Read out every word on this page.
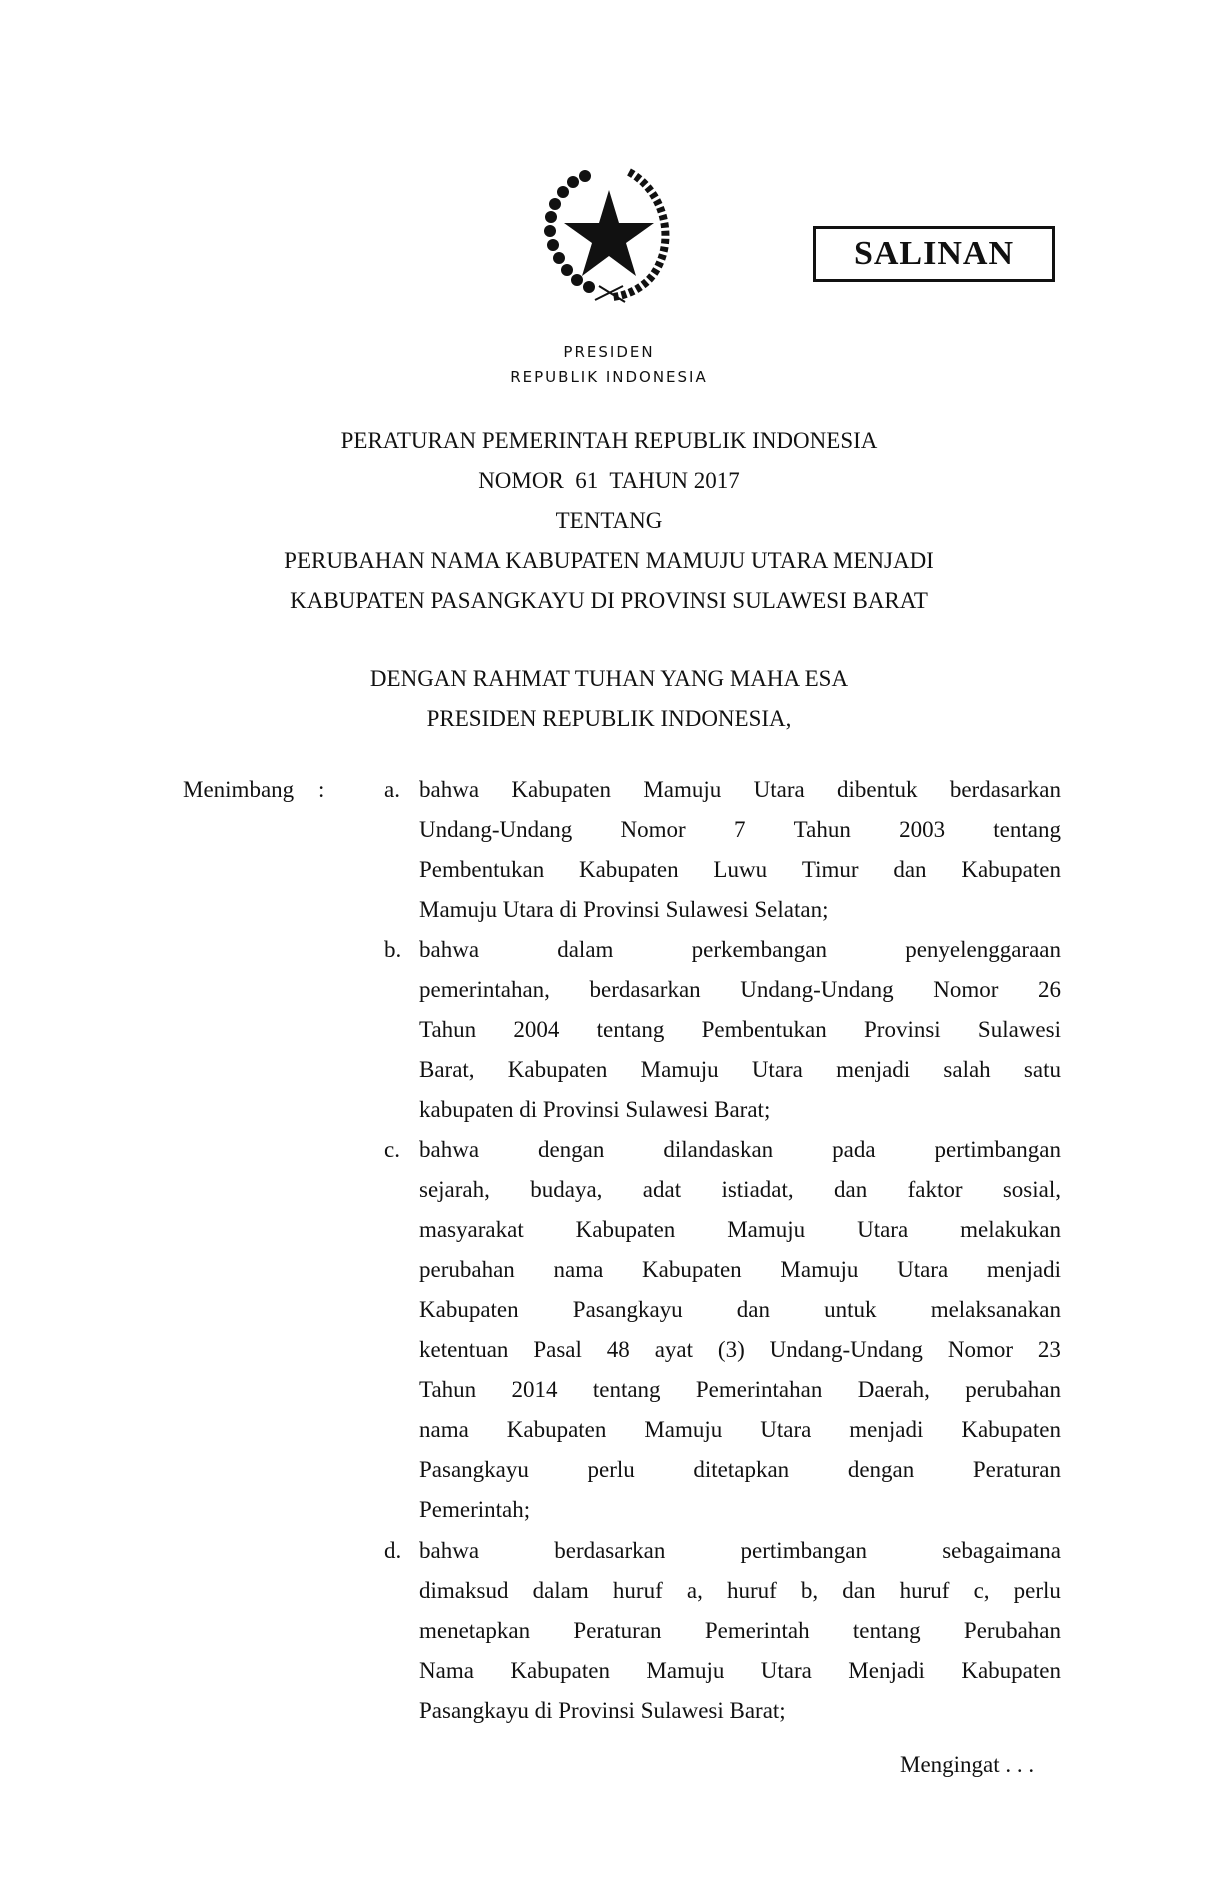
SALINAN
PRESIDEN
REPUBLIK INDONESIA
PERATURAN PEMERINTAH REPUBLIK INDONESIA
NOMOR  61  TAHUN 2017
TENTANG
PERUBAHAN NAMA KABUPATEN MAMUJU UTARA MENJADI
KABUPATEN PASANGKAYU DI PROVINSI SULAWESI BARAT
DENGAN RAHMAT TUHAN YANG MAHA ESA
PRESIDEN REPUBLIK INDONESIA,
Menimbang :	a. bahwa Kabupaten Mamuju Utara dibentuk berdasarkan
Undang-Undang Nomor 7 Tahun 2003 tentang
Pembentukan Kabupaten Luwu Timur dan Kabupaten
Mamuju Utara di Provinsi Sulawesi Selatan;
b. bahwa	dalam	perkembangan	penyelenggaraan
pemerintahan, berdasarkan Undang-Undang Nomor 26
Tahun 2004 tentang Pembentukan Provinsi Sulawesi
Barat, Kabupaten Mamuju Utara menjadi salah satu
kabupaten di Provinsi Sulawesi Barat;
c. bahwa	dengan	dilandaskan	pada	pertimbangan
sejarah, budaya, adat istiadat, dan faktor sosial,
masyarakat Kabupaten Mamuju Utara melakukan
perubahan nama Kabupaten Mamuju Utara menjadi
Kabupaten Pasangkayu dan untuk melaksanakan
ketentuan Pasal 48 ayat (3) Undang-Undang Nomor 23
Tahun 2014 tentang Pemerintahan Daerah, perubahan
nama Kabupaten Mamuju Utara menjadi Kabupaten
Pasangkayu	perlu	ditetapkan	dengan	Peraturan
Pemerintah;
d. bahwa	berdasarkan	pertimbangan	sebagaimana
dimaksud dalam huruf a, huruf b, dan huruf c, perlu
menetapkan Peraturan Pemerintah tentang Perubahan
Nama Kabupaten Mamuju Utara Menjadi Kabupaten
Pasangkayu di Provinsi Sulawesi Barat;
Mengingat . . .
